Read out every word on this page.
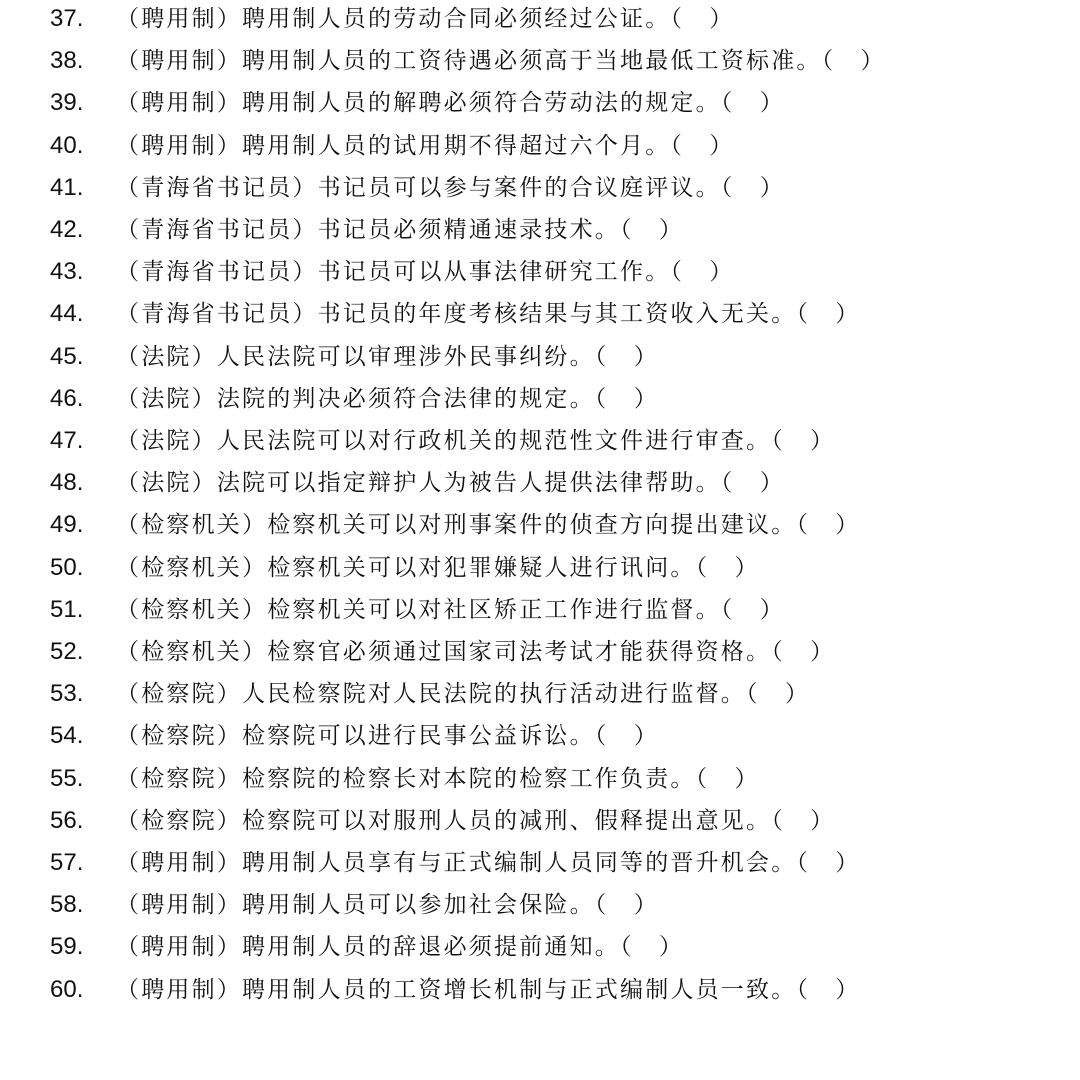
37. （聘用制）聘用制人员的劳动合同必须经过公证。（　）
38. （聘用制）聘用制人员的工资待遇必须高于当地最低工资标准。（　）
39. （聘用制）聘用制人员的解聘必须符合劳动法的规定。（　）
40. （聘用制）聘用制人员的试用期不得超过六个月。（　）
41. （青海省书记员）书记员可以参与案件的合议庭评议。（　）
42. （青海省书记员）书记员必须精通速录技术。（　）
43. （青海省书记员）书记员可以从事法律研究工作。（　）
44. （青海省书记员）书记员的年度考核结果与其工资收入无关。（　）
45. （法院）人民法院可以审理涉外民事纠纷。（　）
46. （法院）法院的判决必须符合法律的规定。（　）
47. （法院）人民法院可以对行政机关的规范性文件进行审查。（　）
48. （法院）法院可以指定辩护人为被告人提供法律帮助。（　）
49. （检察机关）检察机关可以对刑事案件的侦查方向提出建议。（　）
50. （检察机关）检察机关可以对犯罪嫌疑人进行讯问。（　）
51. （检察机关）检察机关可以对社区矫正工作进行监督。（　）
52. （检察机关）检察官必须通过国家司法考试才能获得资格。（　）
53. （检察院）人民检察院对人民法院的执行活动进行监督。（　）
54. （检察院）检察院可以进行民事公益诉讼。（　）
55. （检察院）检察院的检察长对本院的检察工作负责。（　）
56. （检察院）检察院可以对服刑人员的减刑、假释提出意见。（　）
57. （聘用制）聘用制人员享有与正式编制人员同等的晋升机会。（　）
58. （聘用制）聘用制人员可以参加社会保险。（　）
59. （聘用制）聘用制人员的辞退必须提前通知。（　）
60. （聘用制）聘用制人员的工资增长机制与正式编制人员一致。（　）
